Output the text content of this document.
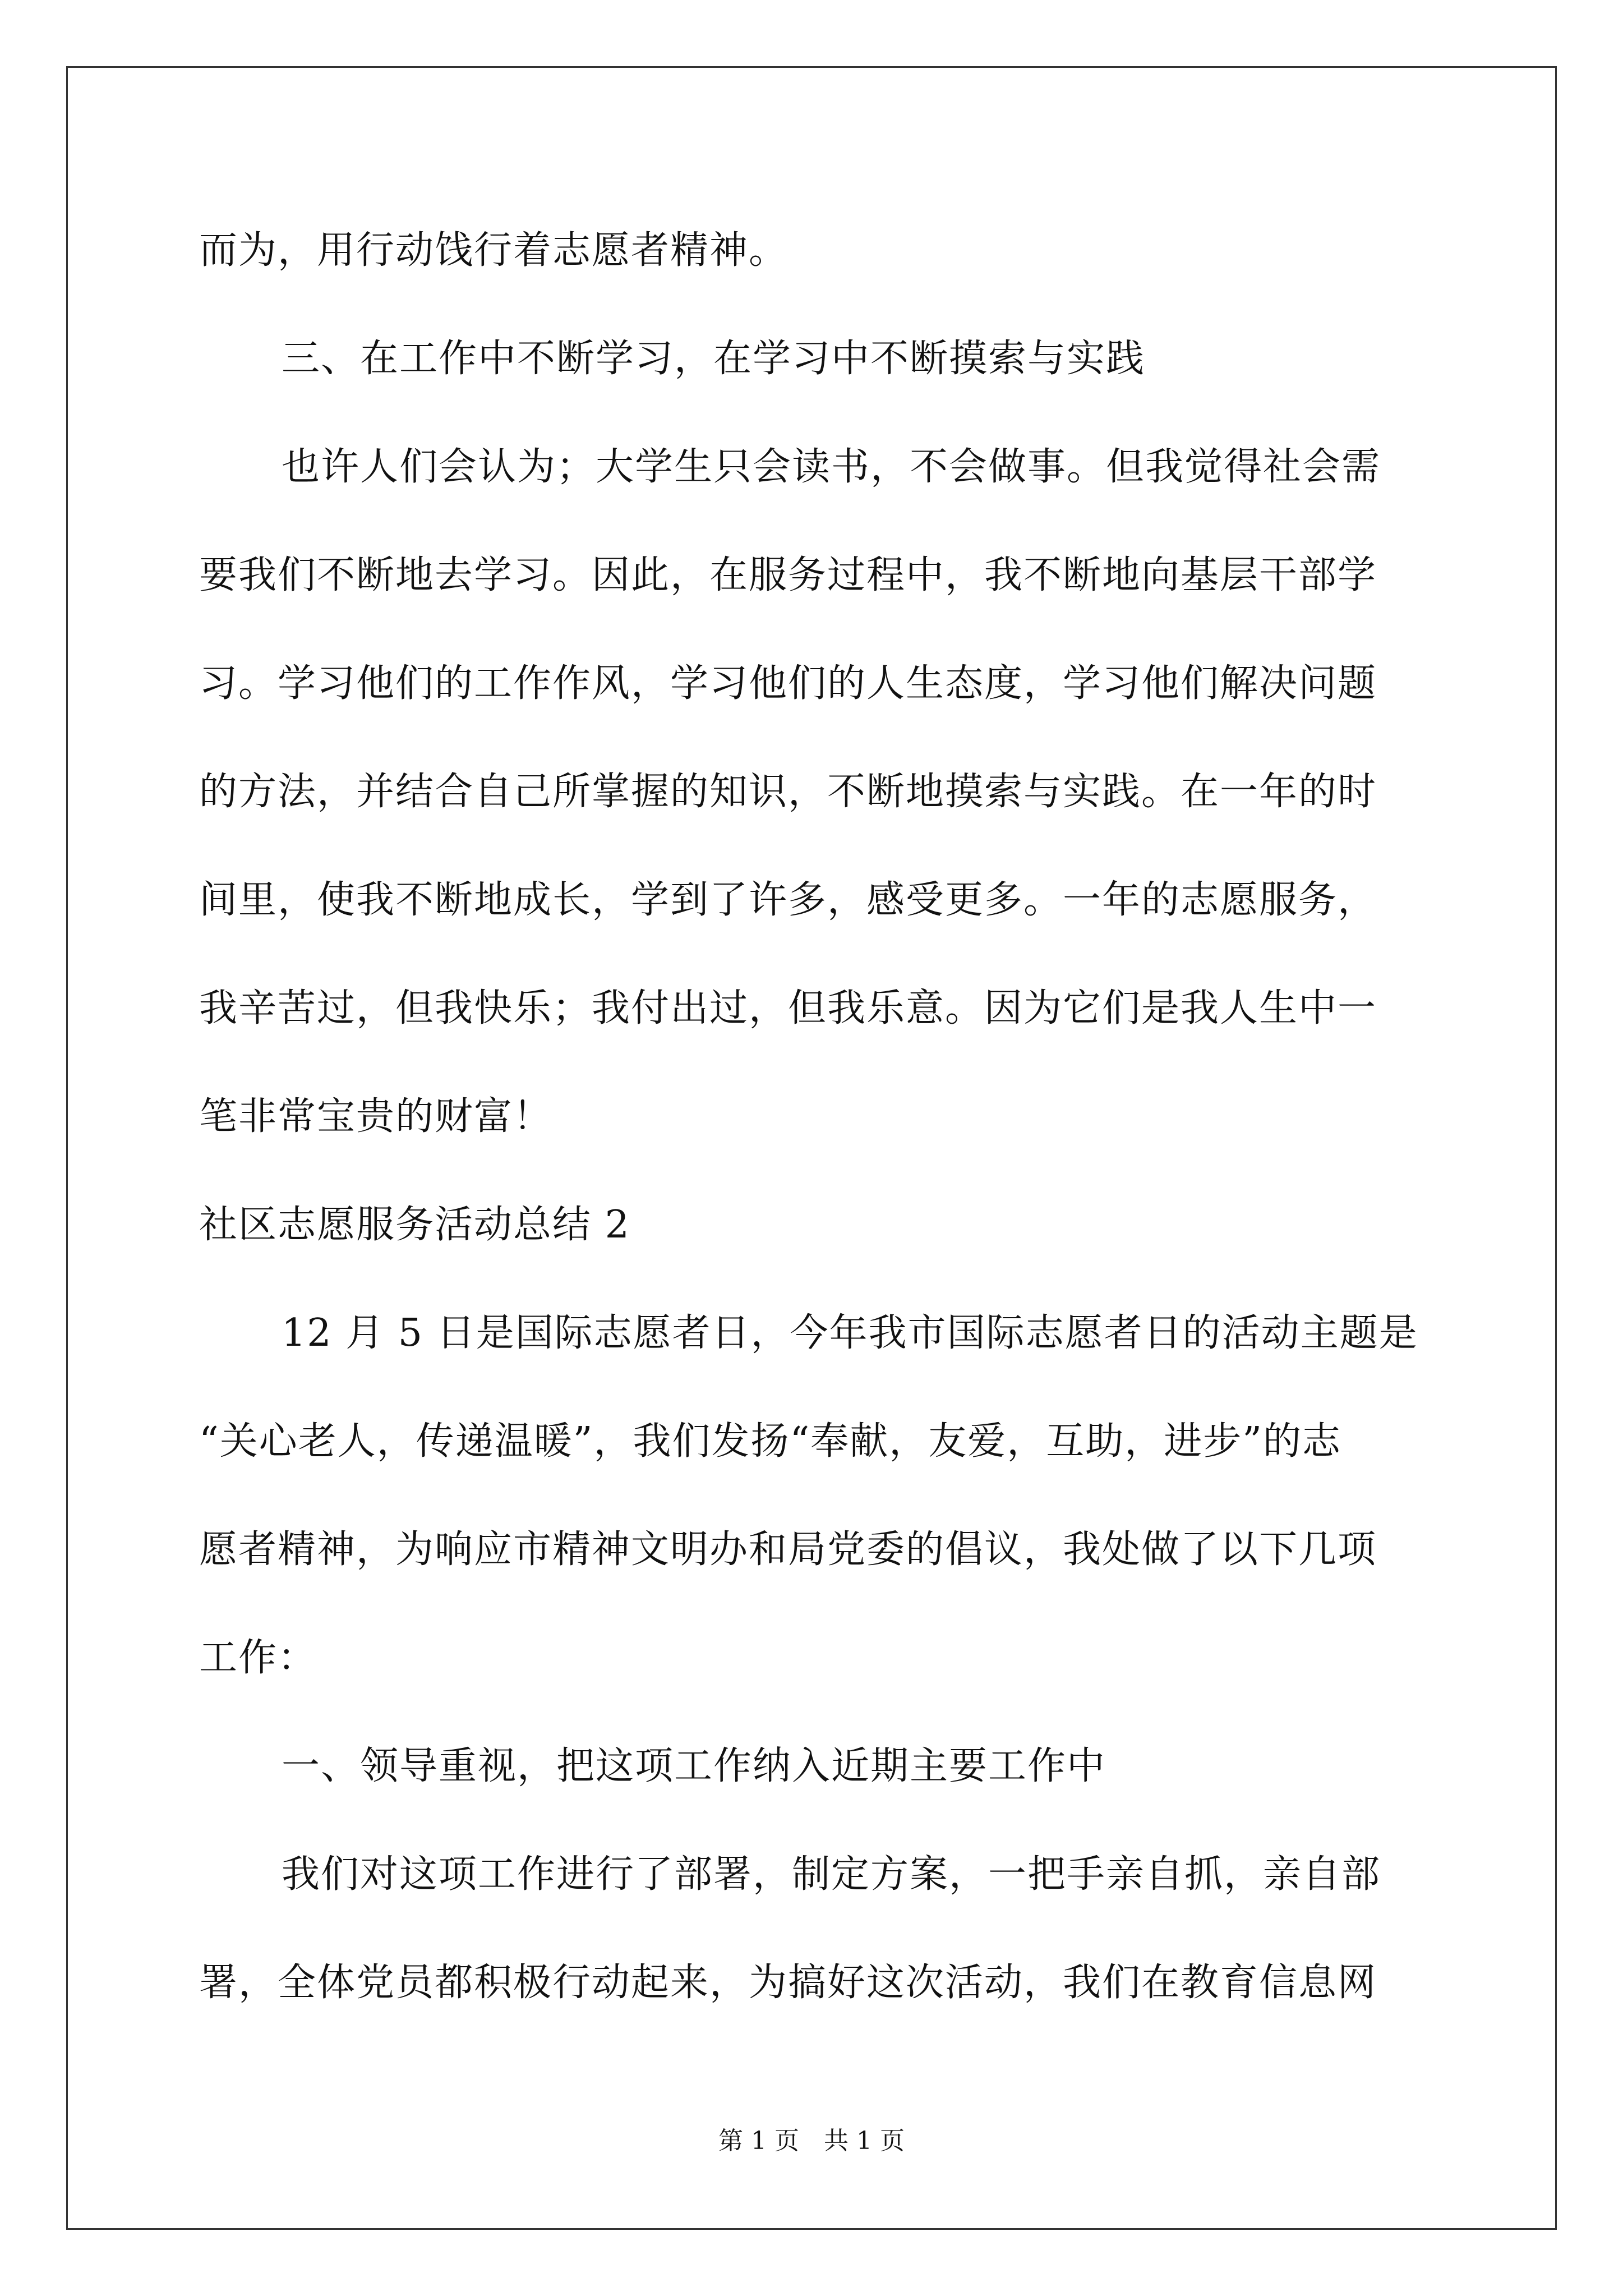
而为，用行动饯行着志愿者精神。
三、在工作中不断学习，在学习中不断摸索与实践
也许人们会认为；大学生只会读书，不会做事。但我觉得社会需
要我们不断地去学习。因此，在服务过程中，我不断地向基层干部学
习。学习他们的工作作风，学习他们的人生态度，学习他们解决问题
的方法，并结合自己所掌握的知识，不断地摸索与实践。在一年的时
间里，使我不断地成长，学到了许多，感受更多。一年的志愿服务，
我辛苦过，但我快乐；我付出过，但我乐意。因为它们是我人生中一
笔非常宝贵的财富！
社区志愿服务活动总结 2
12 月 5 日是国际志愿者日，今年我市国际志愿者日的活动主题是
“关心老人，传递温暖”，我们发扬“奉献，友爱，互助，进步”的志
愿者精神，为响应市精神文明办和局党委的倡议，我处做了以下几项
工作：
一、领导重视，把这项工作纳入近期主要工作中
我们对这项工作进行了部署，制定方案，一把手亲自抓，亲自部
署，全体党员都积极行动起来，为搞好这次活动，我们在教育信息网
第 1 页　共 1 页
